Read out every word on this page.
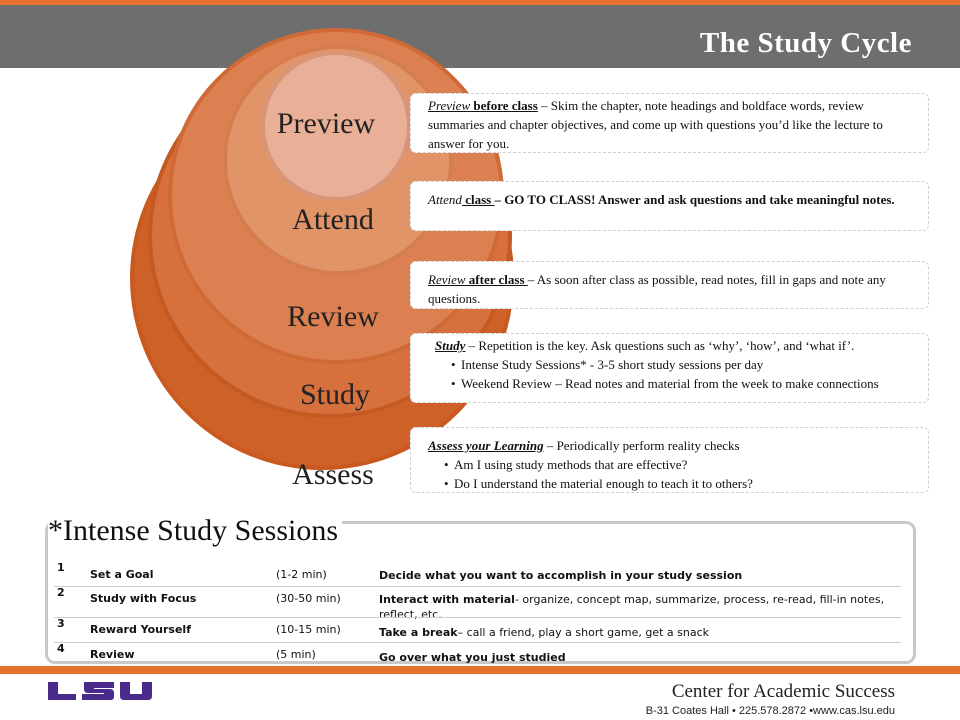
The Study Cycle
Preview
Attend
Review
Study
Assess
Preview before class – Skim the chapter, note headings and boldface words, review summaries and chapter objectives, and come up with questions you’d like the lecture to answer for you.
Attend class – GO TO CLASS! Answer and ask questions and take meaningful notes.
Review after class – As soon after class as possible, read notes, fill in gaps and note any questions.
Study – Repetition is the key. Ask questions such as ‘why’, ‘how’, and ‘what if’.
• Intense Study Sessions* - 3-5 short study sessions per day
• Weekend Review – Read notes and material from the week to make connections
Assess your Learning – Periodically perform reality checks
• Am I using study methods that are effective?
• Do I understand the material enough to teach it to others?
1
Set a Goal	(1-2 min)	Decide what you want to accomplish in your study session
2 Study with Focus	(30-50 min)	Interact with material- organize, concept map, summarize, process, re-read, fill-in notes, reflect, etc.
3 Reward Yourself	(10-15 min)	Take a break– call a friend, play a short game, get a snack
4 Review	(5 min)	Go over what you just studied
*Intense Study Sessions
Center for Academic Success
B-31 Coates Hall • 225.578.2872 •www.cas.lsu.edu
